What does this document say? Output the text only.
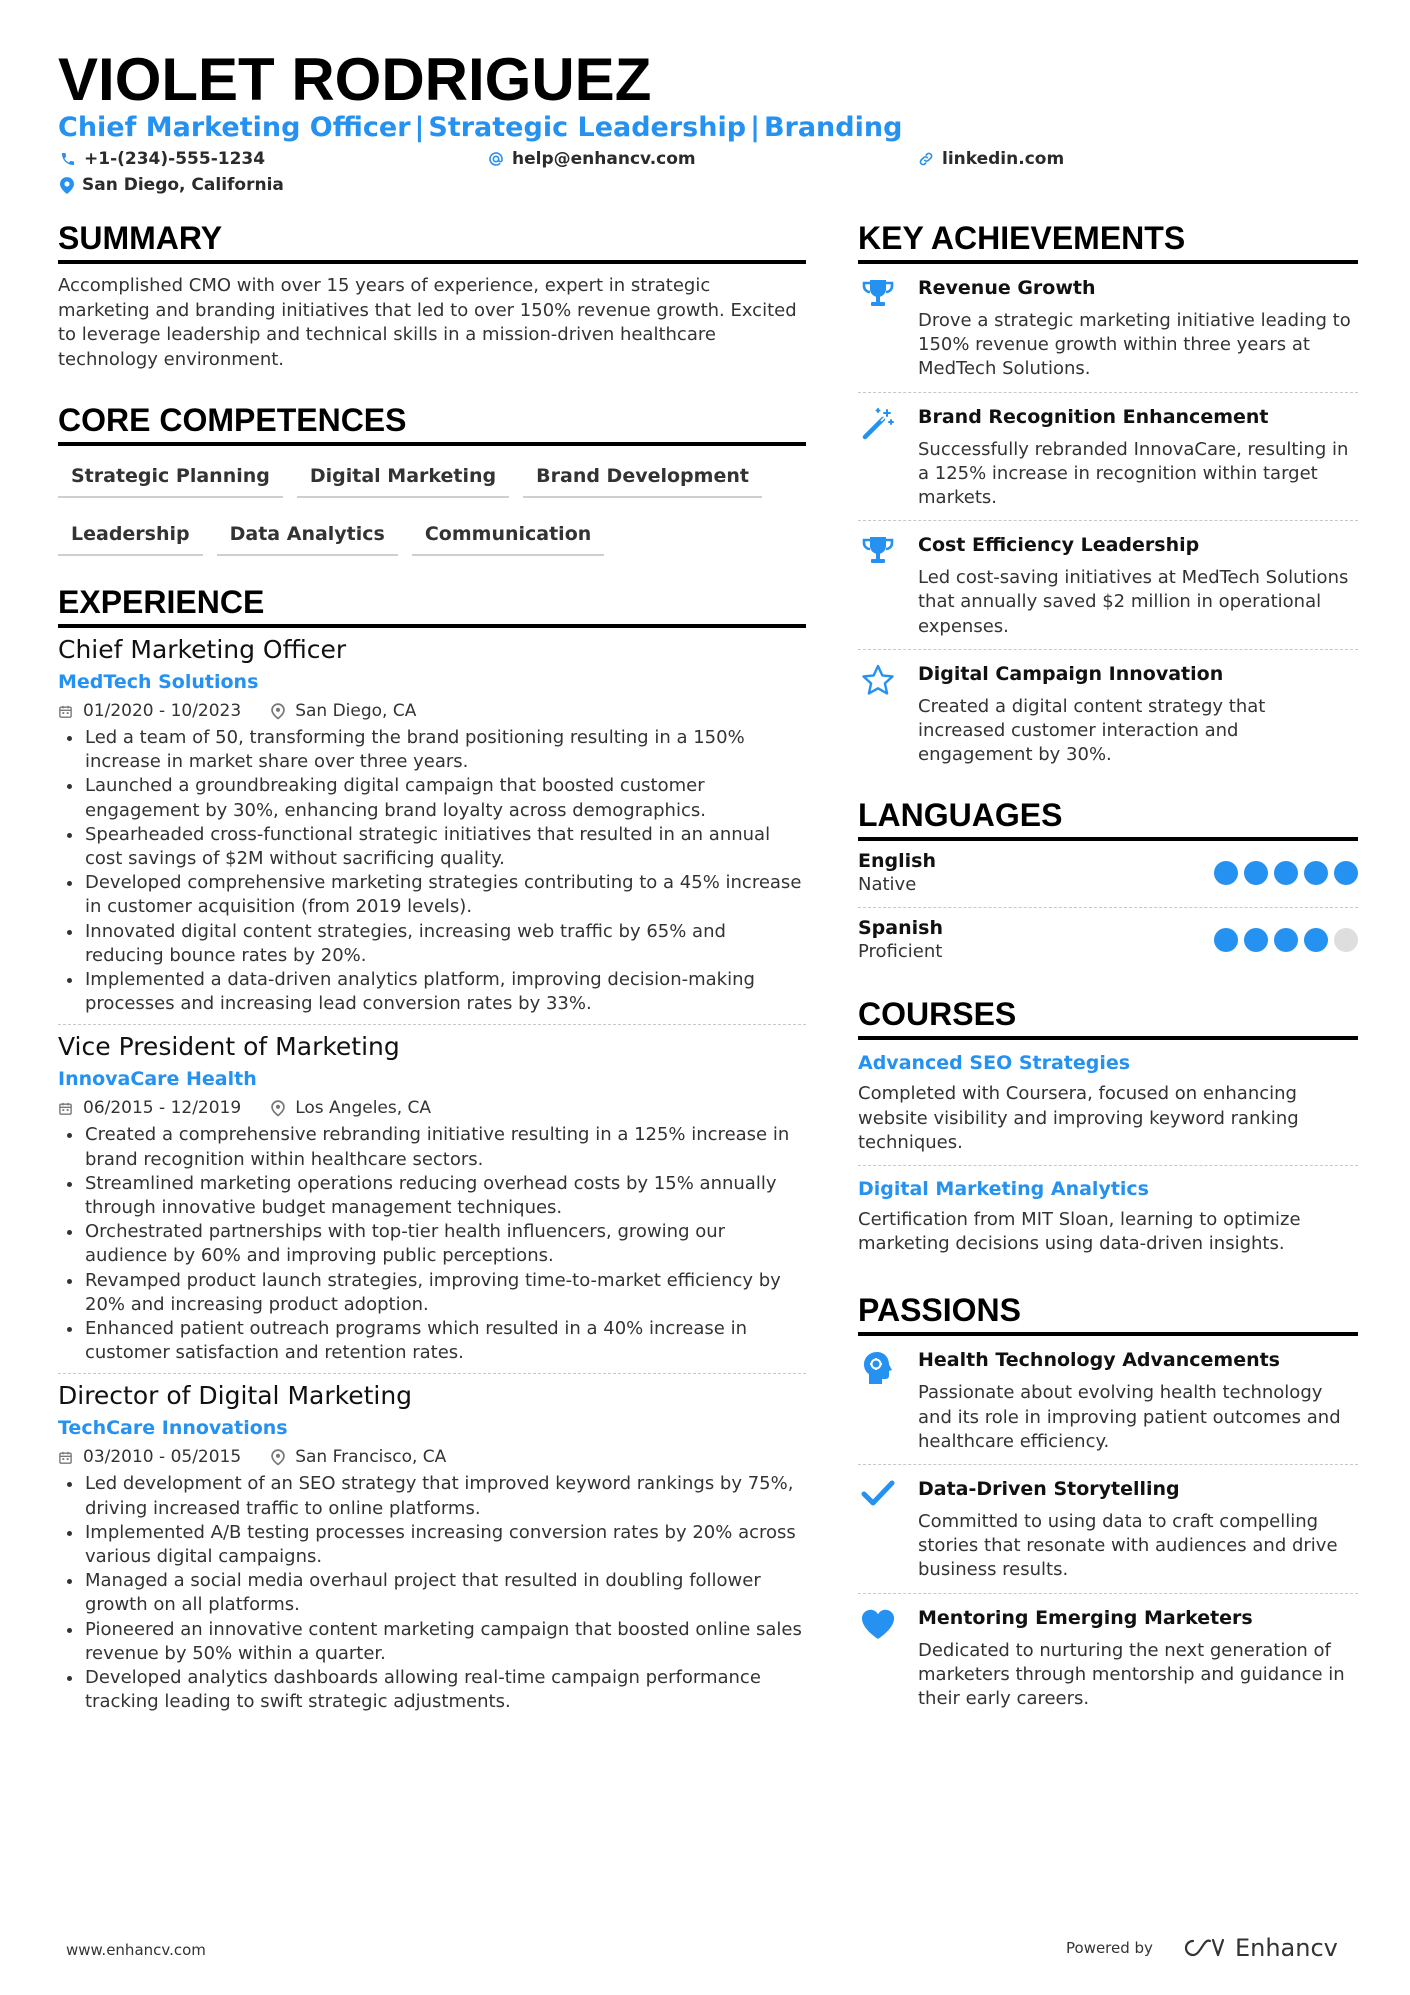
VIOLET RODRIGUEZ
Chief Marketing Officer | Strategic Leadership | Branding
+1-(234)-555-1234	help@enhancv.com	linkedin.com
San Diego, California
SUMMARY
Accomplished CMO with over 15 years of experience, expert in strategic marketing and branding initiatives that led to over 150% revenue growth. Excited to leverage leadership and technical skills in a mission-driven healthcare technology environment.
CORE COMPETENCES
Strategic Planning	Digital Marketing	Brand Development
Leadership	Data Analytics	Communication
EXPERIENCE
Chief Marketing Officer
MedTech Solutions
01/2020 - 10/2023	San Diego, CA
Led a team of 50, transforming the brand positioning resulting in a 150% increase in market share over three years.
Launched a groundbreaking digital campaign that boosted customer engagement by 30%, enhancing brand loyalty across demographics.
Spearheaded cross-functional strategic initiatives that resulted in an annual cost savings of $2M without sacrificing quality.
Developed comprehensive marketing strategies contributing to a 45% increase in customer acquisition (from 2019 levels).
Innovated digital content strategies, increasing web traffic by 65% and reducing bounce rates by 20%.
Implemented a data-driven analytics platform, improving decision-making processes and increasing lead conversion rates by 33%.
Vice President of Marketing
InnovaCare Health
06/2015 - 12/2019	Los Angeles, CA
Created a comprehensive rebranding initiative resulting in a 125% increase in brand recognition within healthcare sectors.
Streamlined marketing operations reducing overhead costs by 15% annually through innovative budget management techniques.
Orchestrated partnerships with top-tier health influencers, growing our audience by 60% and improving public perceptions.
Revamped product launch strategies, improving time-to-market efficiency by 20% and increasing product adoption.
Enhanced patient outreach programs which resulted in a 40% increase in customer satisfaction and retention rates.
Director of Digital Marketing
TechCare Innovations
03/2010 - 05/2015	San Francisco, CA
Led development of an SEO strategy that improved keyword rankings by 75%, driving increased traffic to online platforms.
Implemented A/B testing processes increasing conversion rates by 20% across various digital campaigns.
Managed a social media overhaul project that resulted in doubling follower growth on all platforms.
Pioneered an innovative content marketing campaign that boosted online sales revenue by 50% within a quarter.
Developed analytics dashboards allowing real-time campaign performance tracking leading to swift strategic adjustments.
KEY ACHIEVEMENTS
Revenue Growth
Drove a strategic marketing initiative leading to 150% revenue growth within three years at MedTech Solutions.
Brand Recognition Enhancement
Successfully rebranded InnovaCare, resulting in a 125% increase in recognition within target markets.
Cost Efficiency Leadership
Led cost-saving initiatives at MedTech Solutions that annually saved $2 million in operational expenses.
Digital Campaign Innovation
Created a digital content strategy that increased customer interaction and engagement by 30%.
LANGUAGES
English
Native
Spanish
Proficient
COURSES
Advanced SEO Strategies
Completed with Coursera, focused on enhancing website visibility and improving keyword ranking techniques.
Digital Marketing Analytics
Certification from MIT Sloan, learning to optimize marketing decisions using data-driven insights.
PASSIONS
Health Technology Advancements
Passionate about evolving health technology and its role in improving patient outcomes and healthcare efficiency.
Data-Driven Storytelling
Committed to using data to craft compelling stories that resonate with audiences and drive business results.
Mentoring Emerging Marketers
Dedicated to nurturing the next generation of marketers through mentorship and guidance in their early careers.
www.enhancv.com	Powered by	Enhancv
